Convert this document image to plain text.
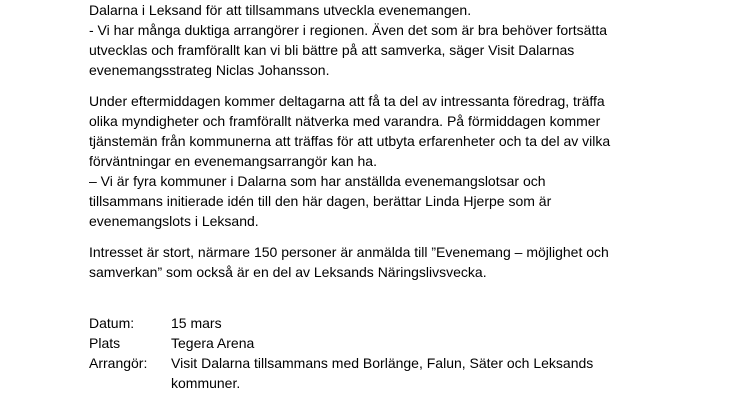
Dalarna i Leksand för att tillsammans utveckla evenemangen.

- Vi har många duktiga arrangörer i regionen. Även det som är bra behöver fortsätta

utvecklas och framförallt kan vi bli bättre på att samverka, säger Visit Dalarnas

evenemangsstrateg Niclas Johansson.

Under eftermiddagen kommer deltagarna att få ta del av intressanta föredrag, träffa

olika myndigheter och framförallt nätverka med varandra. På förmiddagen kommer

tjänstemän från kommunerna att träffas för att utbyta erfarenheter och ta del av vilka

förväntningar en evenemangsarrangör kan ha.

– Vi är fyra kommuner i Dalarna som har anställda evenemangslotsar och

tillsammans initierade idén till den här dagen, berättar Linda Hjerpe som är

evenemangslots i Leksand.

Intresset är stort, närmare 150 personer är anmälda till ”Evenemang – möjlighet och

samverkan” som också är en del av Leksands Näringslivsvecka.

Datum:	15 mars
Plats	Tegera Arena
Arrangör:	Visit Dalarna tillsammans med Borlänge, Falun, Säter och Leksands kommuner.
